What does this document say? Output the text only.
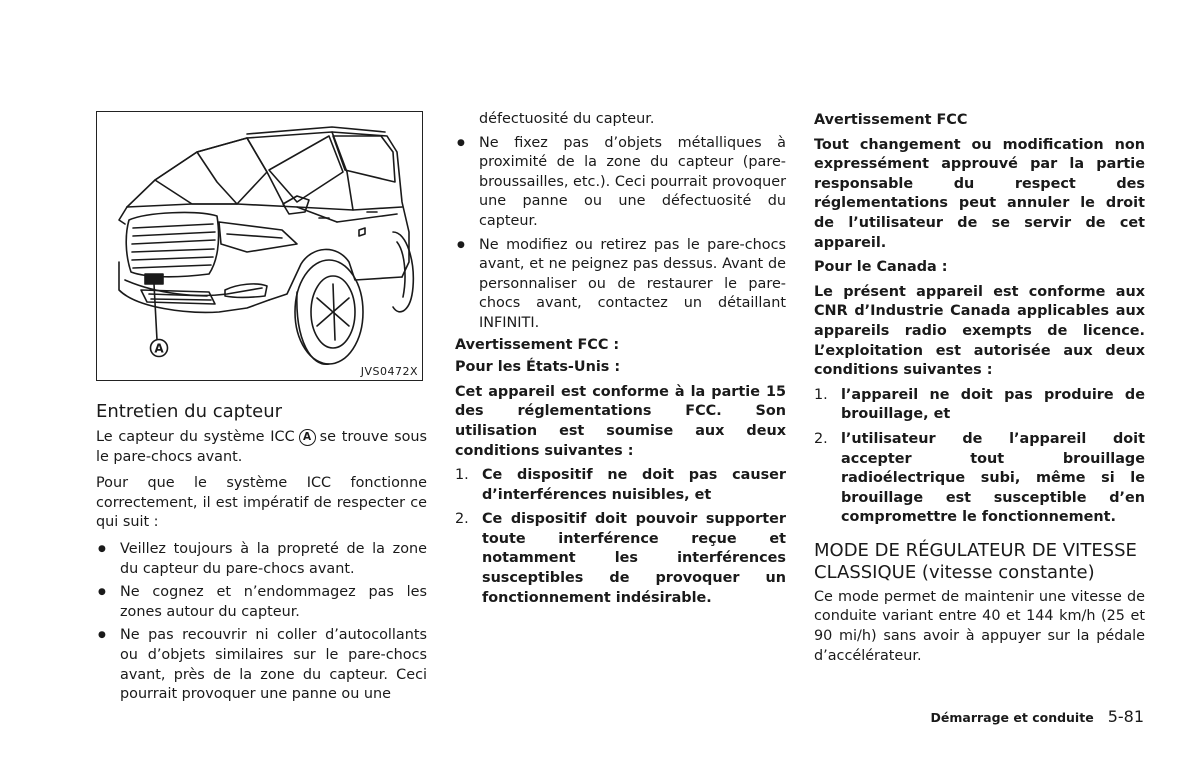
A
JVS0472X
Entretien du capteur

Le capteur du système ICC A se trouve sous le pare-chocs avant.

Pour que le système ICC fonctionne correctement, il est impératif de respecter ce qui suit :

● Veillez toujours à la propreté de la zone du capteur du pare-chocs avant.
● Ne cognez et n’endommagez pas les zones autour du capteur.
● Ne pas recouvrir ni coller d’autocollants ou d’objets similaires sur le pare-chocs avant, près de la zone du capteur. Ceci pourrait provoquer une panne ou une

défectuosité du capteur.

● Ne fixez pas d’objets métalliques à proximité de la zone du capteur (pare-broussailles, etc.). Ceci pourrait provoquer une panne ou une défectuosité du capteur.
● Ne modifiez ou retirez pas le pare-chocs avant, et ne peignez pas dessus. Avant de personnaliser ou de restaurer le pare-chocs avant, contactez un détaillant INFINITI.

Avertissement FCC :

Pour les États-Unis :

Cet appareil est conforme à la partie 15 des réglementations FCC. Son utilisation est soumise aux deux conditions suivantes :

1. Ce dispositif ne doit pas causer d’interférences nuisibles, et
2. Ce dispositif doit pouvoir supporter toute interférence reçue et notamment les interférences susceptibles de provoquer un fonctionnement indésirable.

Avertissement FCC

Tout changement ou modification non expressément approuvé par la partie responsable du respect des réglementations peut annuler le droit de l’utilisateur de se servir de cet appareil.

Pour le Canada :

Le présent appareil est conforme aux CNR d’Industrie Canada applicables aux appareils radio exempts de licence. L’exploitation est autorisée aux deux conditions suivantes :

1. l’appareil ne doit pas produire de brouillage, et
2. l’utilisateur de l’appareil doit accepter tout brouillage radioélectrique subi, même si le brouillage est susceptible d’en compromettre le fonctionnement.
MODE DE RÉGULATEUR DE VITESSE
CLASSIQUE (vitesse constante)

Ce mode permet de maintenir une vitesse de conduite variant entre 40 et 144 km/h (25 et 90 mi/h) sans avoir à appuyer sur la pédale d’accélérateur.

Démarrage et conduite 5-81
